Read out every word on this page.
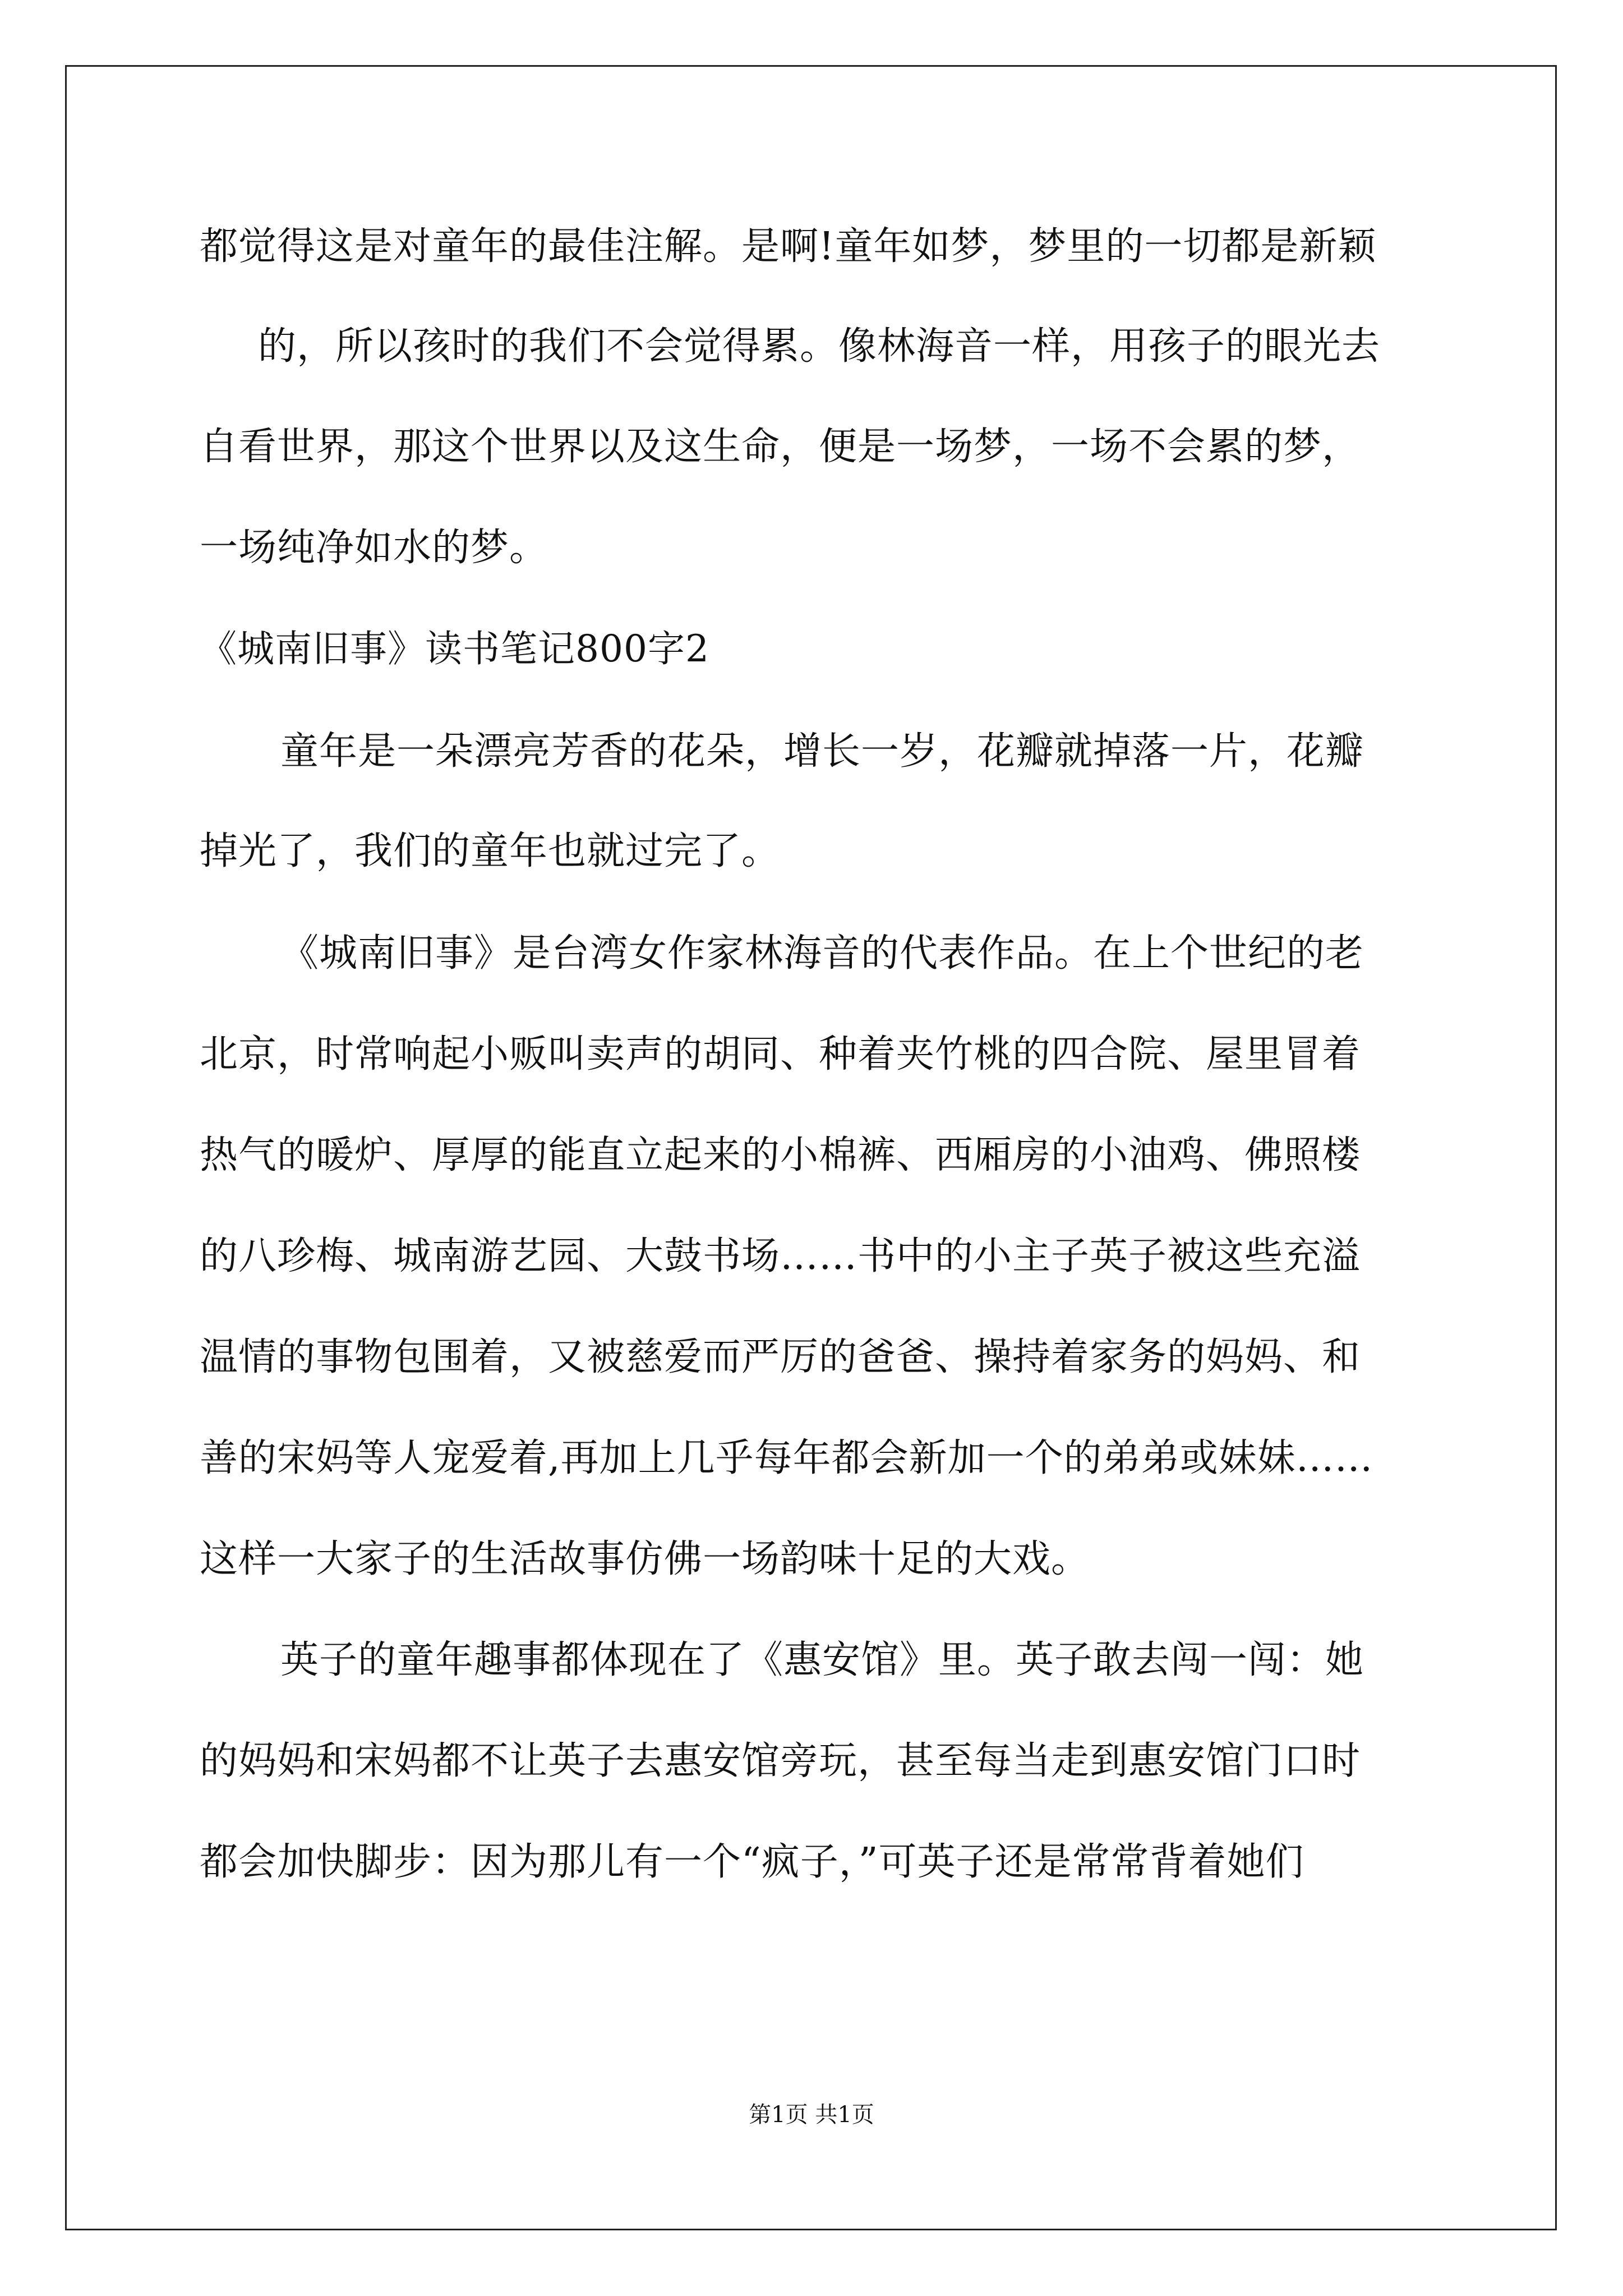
都觉得这是对童年的最佳注解。是啊!童年如梦，梦里的一切都是新颖
的，所以孩时的我们不会觉得累。像林海音一样，用孩子的眼光去
自看世界，那这个世界以及这生命，便是一场梦，一场不会累的梦，
一场纯净如水的梦。
《城南旧事》读书笔记800字2
童年是一朵漂亮芳香的花朵，增长一岁，花瓣就掉落一片，花瓣
掉光了，我们的童年也就过完了。
《城南旧事》是台湾女作家林海音的代表作品。在上个世纪的老
北京，时常响起小贩叫卖声的胡同、种着夹竹桃的四合院、屋里冒着
热气的暖炉、厚厚的能直立起来的小棉裤、西厢房的小油鸡、佛照楼
的八珍梅、城南游艺园、大鼓书场……书中的小主子英子被这些充溢
温情的事物包围着，又被慈爱而严厉的爸爸、操持着家务的妈妈、和
善的宋妈等人宠爱着,再加上几乎每年都会新加一个的弟弟或妹妹……
这样一大家子的生活故事仿佛一场韵味十足的大戏。
英子的童年趣事都体现在了《惠安馆》里。英子敢去闯一闯：她
的妈妈和宋妈都不让英子去惠安馆旁玩，甚至每当走到惠安馆门口时
都会加快脚步：因为那儿有一个“疯子，”可英子还是常常背着她们
第1页 共1页
